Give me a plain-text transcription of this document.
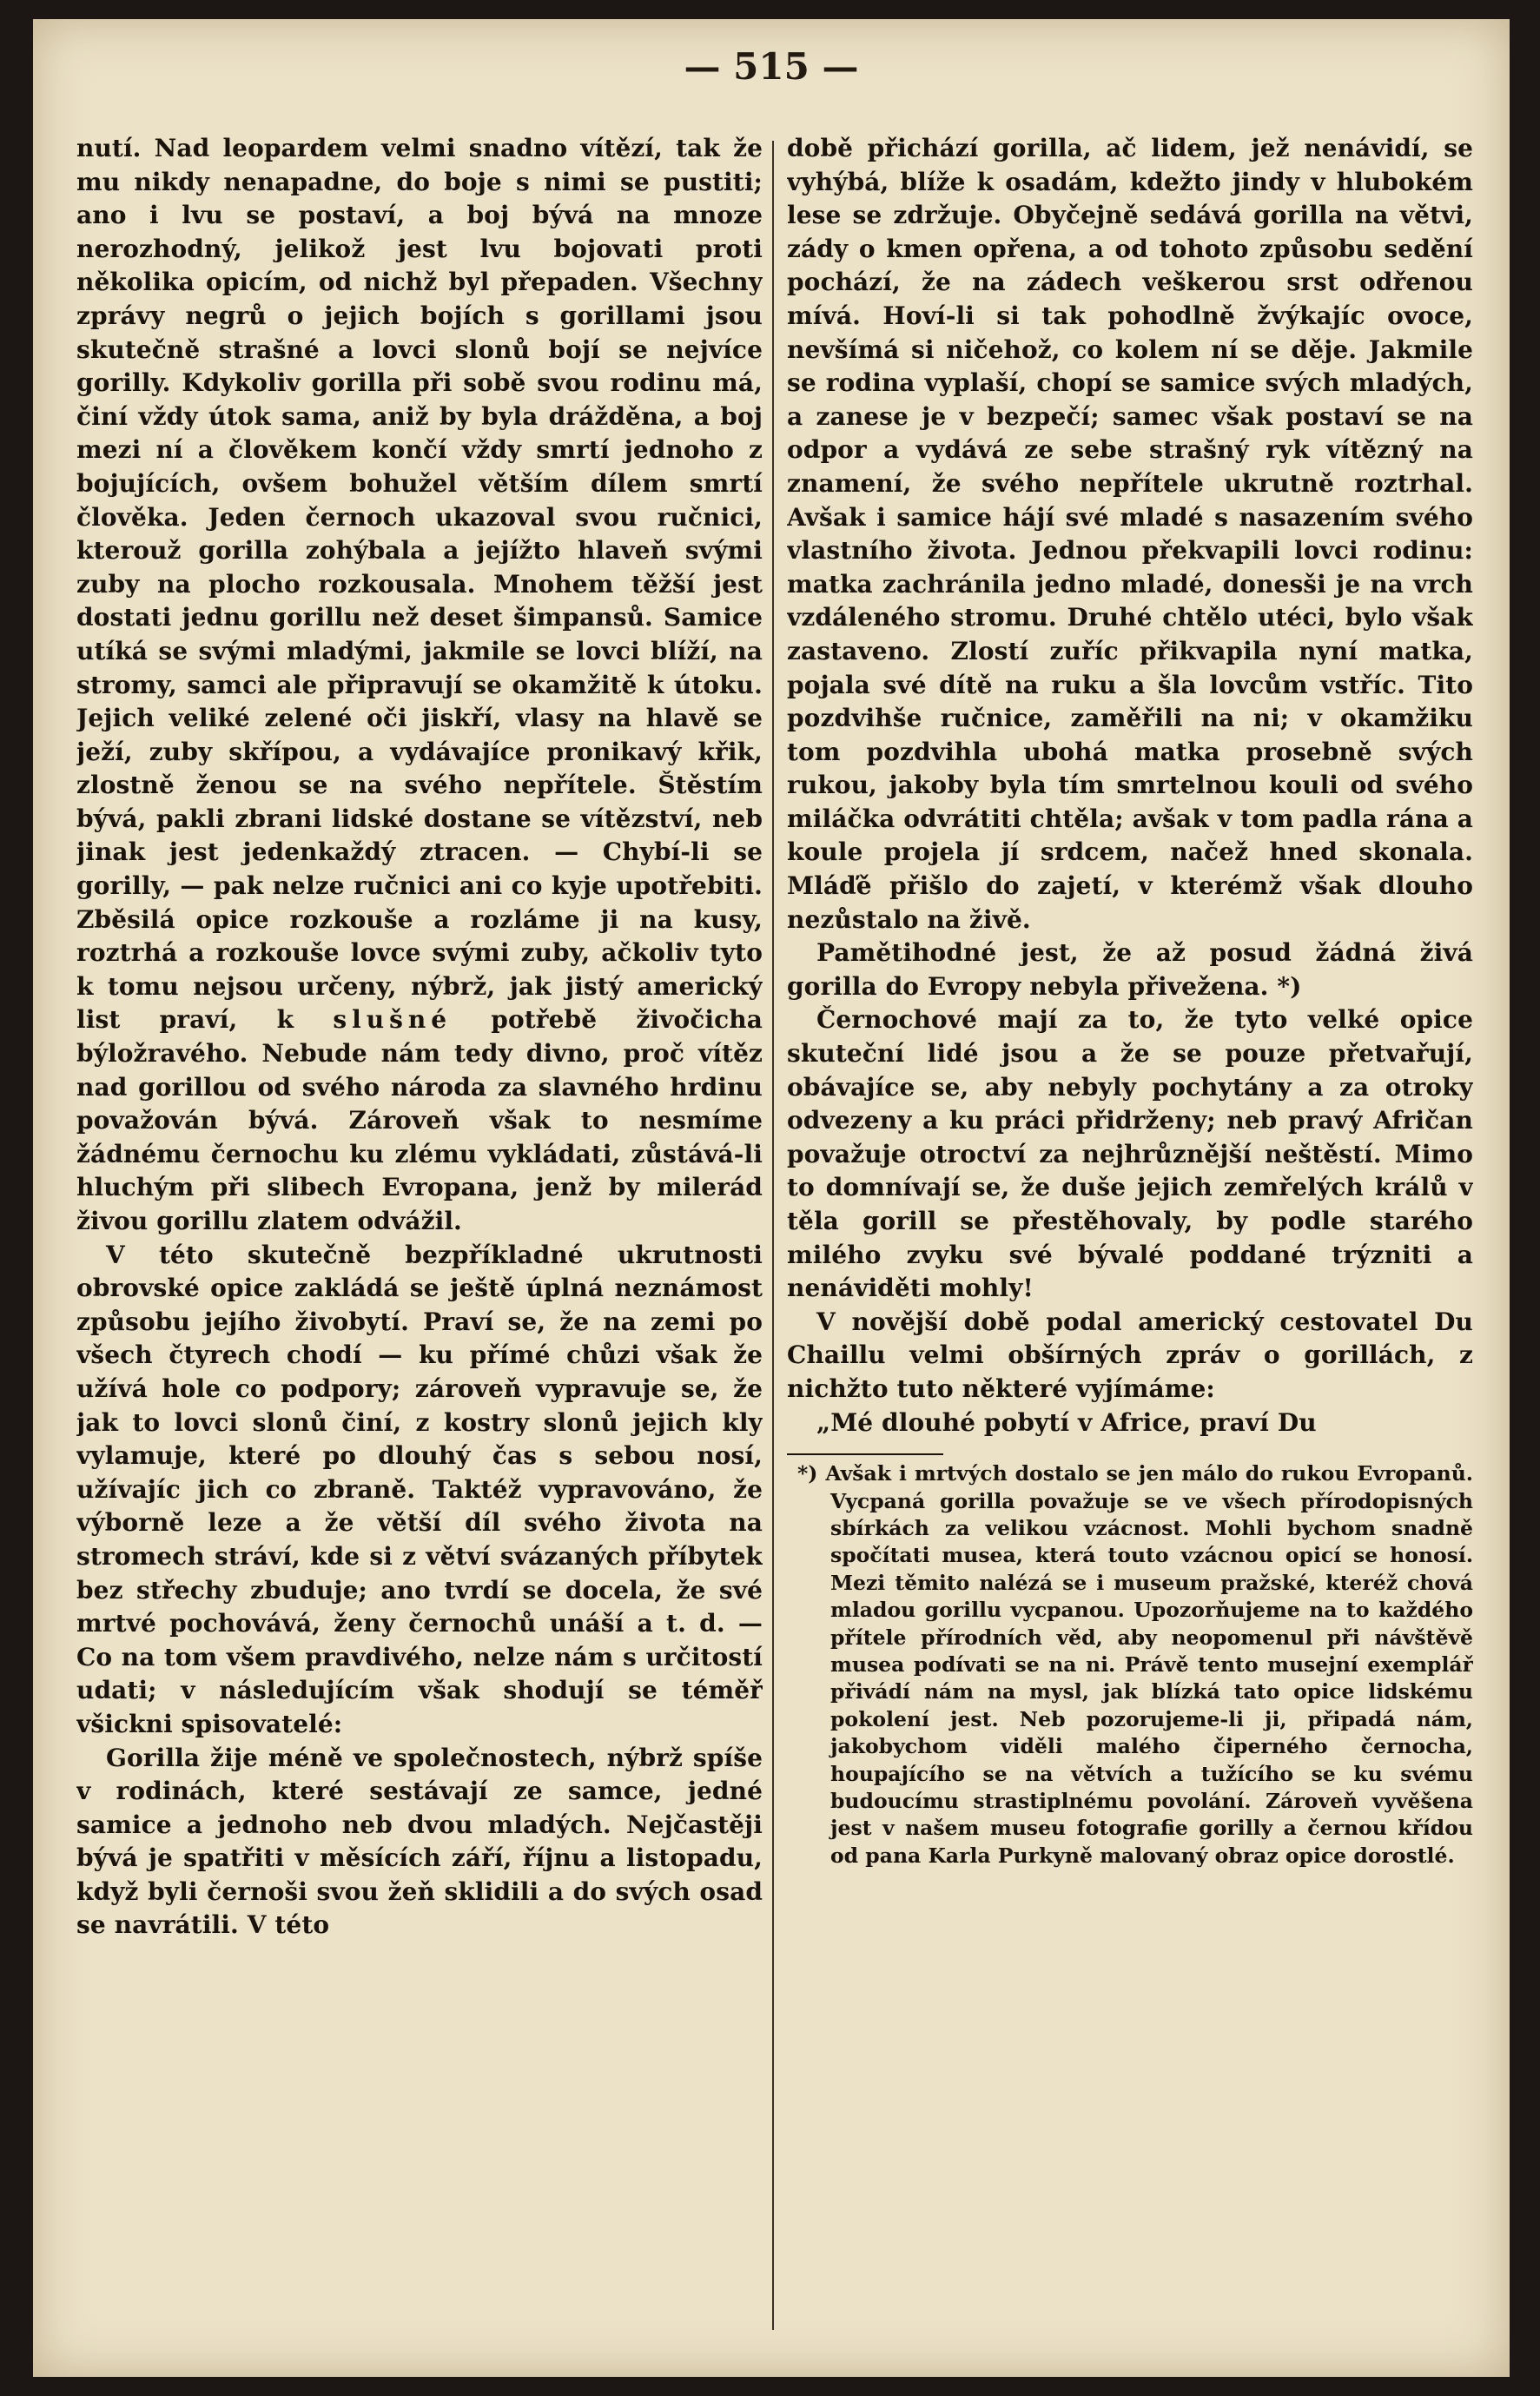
— 515 —

nutí. Nad leopardem velmi snadno vítězí, tak že mu nikdy nenapadne, do boje s nimi se pustiti; ano i lvu se postaví, a boj bývá na mnoze nerozhodný, jelikož jest lvu bojovati proti několika opicím, od nichž byl přepaden. Všechny zprávy negrů o jejich bojích s gorillami jsou skutečně strašné a lovci slonů bojí se nejvíce gorilly. Kdykoliv gorilla při sobě svou rodinu má, činí vždy útok sama, aniž by byla drážděna, a boj mezi ní a člověkem končí vždy smrtí jednoho z bojujících, ovšem bohužel větším dílem smrtí člověka. Jeden černoch ukazoval svou ručnici, kterouž gorilla zohýbala a jejížto hlaveň svými zuby na plocho rozkousala. Mnohem těžší jest dostati jednu gorillu než deset šimpansů. Samice utíká se svými mladými, jakmile se lovci blíží, na stromy, samci ale připravují se okamžitě k útoku. Jejich veliké zelené oči jiskří, vlasy na hlavě se ježí, zuby skřípou, a vydávajíce pronikavý křik, zlostně ženou se na svého nepřítele. Štěstím bývá, pakli zbrani lidské dostane se vítězství, neb jinak jest jedenkaždý ztracen. — Chybí-li se gorilly, — pak nelze ručnici ani co kyje upotřebiti. Zběsilá opice rozkouše a rozláme ji na kusy, roztrhá a rozkouše lovce svými zuby, ačkoliv tyto k tomu nejsou určeny, nýbrž, jak jistý americký list praví, k slušné potřebě živočicha býložravého. Nebude nám tedy divno, proč vítěz nad gorillou od svého národa za slavného hrdinu považován bývá. Zároveň však to nesmíme žádnému černochu ku zlému vykládati, zůstává-li hluchým při slibech Evropana, jenž by milerád živou gorillu zlatem odvážil.

V této skutečně bezpříkladné ukrutnosti obrovské opice zakládá se ještě úplná neznámost způsobu jejího živobytí. Praví se, že na zemi po všech čtyrech chodí — ku přímé chůzi však že užívá hole co podpory; zároveň vypravuje se, že jak to lovci slonů činí, z kostry slonů jejich kly vylamuje, které po dlouhý čas s sebou nosí, užívajíc jich co zbraně. Taktéž vypravováno, že výborně leze a že větší díl svého života na stromech stráví, kde si z větví svázaných příbytek bez střechy zbuduje; ano tvrdí se docela, že své mrtvé pochovává, ženy černochů unáší a t. d. — Co na tom všem pravdivého, nelze nám s určitostí udati; v následujícím však shodují se téměř všickni spisovatelé:

Gorilla žije méně ve společnostech, nýbrž spíše v rodinách, které sestávají ze samce, jedné samice a jednoho neb dvou mladých. Nejčastěji bývá je spatřiti v měsících září, říjnu a listopadu, když byli černoši svou žeň sklidili a do svých osad se navrátili. V této

době přichází gorilla, ač lidem, jež nenávidí, se vyhýbá, blíže k osadám, kdežto jindy v hlubokém lese se zdržuje. Obyčejně sedává gorilla na větvi, zády o kmen opřena, a od tohoto způsobu sedění pochází, že na zádech veškerou srst odřenou mívá. Hoví-li si tak pohodlně žvýkajíc ovoce, nevšímá si ničehož, co kolem ní se děje. Jakmile se rodina vyplaší, chopí se samice svých mladých, a zanese je v bezpečí; samec však postaví se na odpor a vydává ze sebe strašný ryk vítězný na znamení, že svého nepřítele ukrutně roztrhal. Avšak i samice hájí své mladé s nasazením svého vlastního života. Jednou překvapili lovci rodinu: matka zachránila jedno mladé, donesši je na vrch vzdáleného stromu. Druhé chtělo utéci, bylo však zastaveno. Zlostí zuříc přikvapila nyní matka, pojala své dítě na ruku a šla lovcům vstříc. Tito pozdvihše ručnice, zaměřili na ni; v okamžiku tom pozdvihla ubohá matka prosebně svých rukou, jakoby byla tím smrtelnou kouli od svého miláčka odvrátiti chtěla; avšak v tom padla rána a koule projela jí srdcem, načež hned skonala. Mláďě přišlo do zajetí, v kterémž však dlouho nezůstalo na živě.

Pamětihodné jest, že až posud žádná živá gorilla do Evropy nebyla přivežena. *)

Černochové mají za to, že tyto velké opice skuteční lidé jsou a že se pouze přetvařují, obávajíce se, aby nebyly pochytány a za otroky odvezeny a ku práci přidrženy; neb pravý Afričan považuje otroctví za nejhrůznější neštěstí. Mimo to domnívají se, že duše jejich zemřelých králů v těla gorill se přestěhovaly, by podle starého milého zvyku své bývalé poddané trýzniti a nenáviděti mohly!

V novější době podal americký cestovatel Du Chaillu velmi obšírných zpráv o gorillách, z nichžto tuto některé vyjímáme:

„Mé dlouhé pobytí v Africe, praví Du

*) Avšak i mrtvých dostalo se jen málo do rukou Evropanů. Vycpaná gorilla považuje se ve všech přírodopisných sbírkách za velikou vzácnost. Mohli bychom snadně spočítati musea, která touto vzácnou opicí se honosí. Mezi těmito nalézá se i museum pražské, kteréž chová mladou gorillu vycpanou. Upozorňujeme na to každého přítele přírodních věd, aby neopomenul při návštěvě musea podívati se na ni. Právě tento musejní exemplář přivádí nám na mysl, jak blízká tato opice lidskému pokolení jest. Neb pozorujeme-li ji, připadá nám, jakobychom viděli malého čiperného černocha, houpajícího se na větvích a tužícího se ku svému budoucímu strastiplnému povolání. Zároveň vyvěšena jest v našem museu fotografie gorilly a černou křídou od pana Karla Purkyně malovaný obraz opice dorostlé.
